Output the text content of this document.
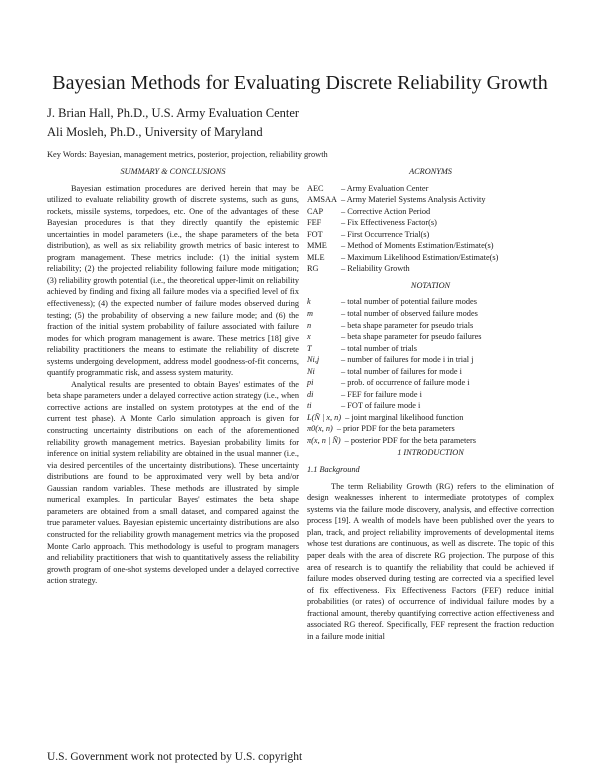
Bayesian Methods for Evaluating Discrete Reliability Growth
J. Brian Hall, Ph.D., U.S. Army Evaluation Center
Ali Mosleh, Ph.D., University of Maryland
Key Words: Bayesian, management metrics, posterior, projection, reliability growth
SUMMARY & CONCLUSIONS

Bayesian estimation procedures are derived herein that may be utilized to evaluate reliability growth of discrete systems, such as guns, rockets, missile systems, torpedoes, etc. One of the advantages of these Bayesian procedures is that they directly quantify the epistemic uncertainties in model parameters (i.e., the shape parameters of the beta distribution), as well as six reliability growth metrics of basic interest to program management. These metrics include: (1) the initial system reliability; (2) the projected reliability following failure mode mitigation; (3) reliability growth potential (i.e., the theoretical upper-limit on reliability achieved by finding and fixing all failure modes via a specified level of fix effectiveness); (4) the expected number of failure modes observed during testing; (5) the probability of observing a new failure mode; and (6) the fraction of the initial system probability of failure associated with failure modes for which program management is aware. These metrics [18] give reliability practitioners the means to estimate the reliability of discrete systems undergoing development, address model goodness-of-fit concerns, quantify programmatic risk, and assess system maturity.

Analytical results are presented to obtain Bayes' estimates of the beta shape parameters under a delayed corrective action strategy (i.e., when corrective actions are installed on system prototypes at the end of the current test phase). A Monte Carlo simulation approach is given for constructing uncertainty distributions on each of the aforementioned reliability growth management metrics. Bayesian probability limits for inference on initial system reliability are obtained in the usual manner (i.e., via desired percentiles of the uncertainty distributions). These uncertainty distributions are found to be approximated very well by beta and/or Gaussian random variables. These methods are illustrated by simple numerical examples. In particular Bayes' estimates the beta shape parameters are obtained from a small dataset, and compared against the true parameter values. Bayesian epistemic uncertainty distributions are also constructed for the reliability growth management metrics via the proposed Monte Carlo approach. This methodology is useful to program managers and reliability practitioners that wish to quantitatively assess the reliability growth program of one-shot systems developed under a delayed corrective action strategy.

ACRONYMS
AEC	– Army Evaluation Center
AMSAA – Army Materiel Systems Analysis Activity
CAP	– Corrective Action Period
FEF	– Fix Effectiveness Factor(s)
FOT	– First Occurrence Trial(s)
MME	– Method of Moments Estimation/Estimate(s)
MLE	– Maximum Likelihood Estimation/Estimate(s)
RG	– Reliability Growth
NOTATION
k	– total number of potential failure modes
m	– total number of observed failure modes
n	– beta shape parameter for pseudo trials
x	– beta shape parameter for pseudo failures
T	– total number of trials
Ni,j	– number of failures for mode i in trial j
Ni	– total number of failures for mode i
pi	– prob. of occurrence of failure mode i
di	– FEF for failure mode i
ti	– FOT of failure mode i
L(N̄ | x, n) – joint marginal likelihood function
π0(x, n) – prior PDF for the beta parameters
π(x, n | N̄) – posterior PDF for the beta parameters
1 INTRODUCTION
1.1 Background

The term Reliability Growth (RG) refers to the elimination of design weaknesses inherent to intermediate prototypes of complex systems via the failure mode discovery, analysis, and effective correction process [19]. A wealth of models have been published over the years to plan, track, and project reliability improvements of developmental items whose test durations are continuous, as well as discrete. The topic of this paper deals with the area of discrete RG projection. The purpose of this area of research is to quantify the reliability that could be achieved if failure modes observed during testing are corrected via a specified level of fix effectiveness. Fix Effectiveness Factors (FEF) reduce initial probabilities (or rates) of occurrence of individual failure modes by a fractional amount, thereby quantifying corrective action effectiveness and associated RG thereof. Specifically, FEF represent the fraction reduction in a failure mode initial

U.S. Government work not protected by U.S. copyright
